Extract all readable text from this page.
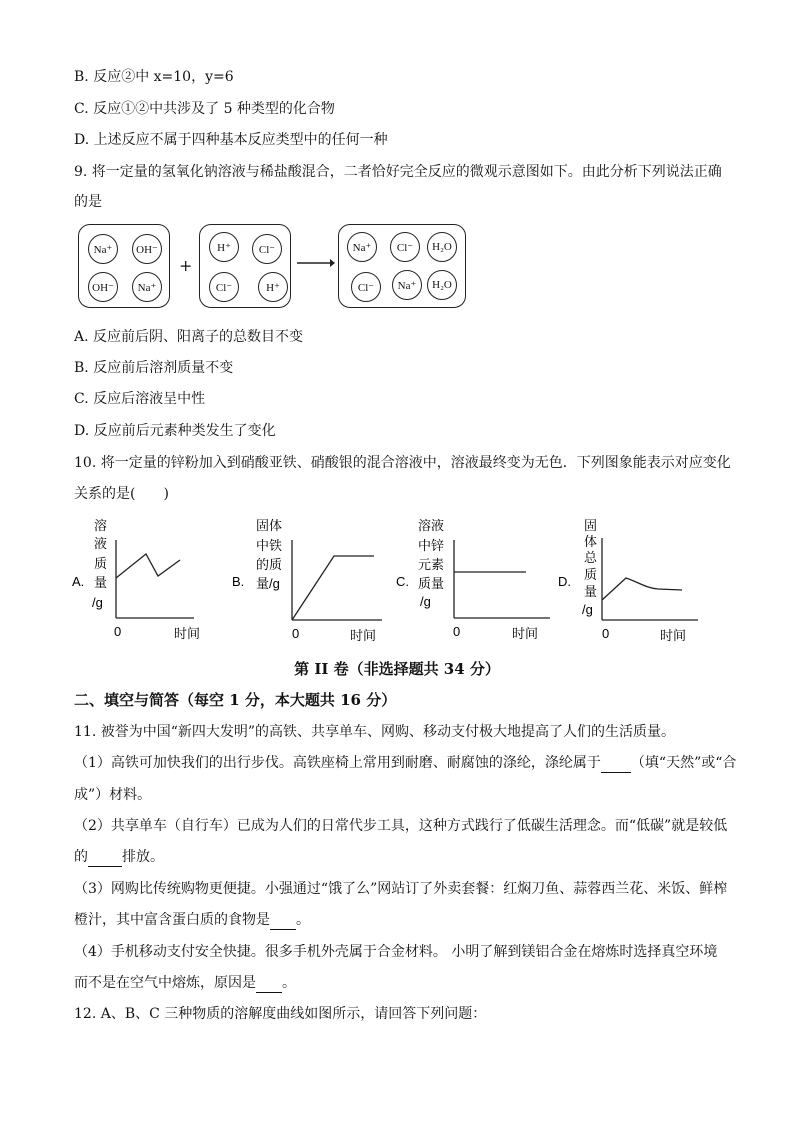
B. 反应②中 x=10，y=6
C. 反应①②中共涉及了 5 种类型的化合物
D. 上述反应不属于四种基本反应类型中的任何一种
9. 将一定量的氢氧化钠溶液与稀盐酸混合，二者恰好完全反应的微观示意图如下。由此分析下列说法正确
的是
Na⁺	OH⁻
OH⁻	Na⁺
+
H⁺	Cl⁻
Cl⁻	H⁺
Na⁺	Cl⁻	H₂O
Cl⁻	Na⁺	H₂O
A. 反应前后阴、阳离子的总数目不变
B. 反应前后溶剂质量不变
C. 反应后溶液呈中性
D. 反应前后元素种类发生了变化
10. 将一定量的锌粉加入到硝酸亚铁、硝酸银的混合溶液中，溶液最终变为无色．下列图象能表示对应变化
关系的是(　　)
A.
溶
液
质
量
/g
0	时间
B.
固体
中铁
的质
量/g
0	时间
C.
溶液
中锌
元素
质量
/g
0	时间
D.
固
体
总
质
量
/g
0	时间
第 II 卷（非选择题共 34 分）
二、填空与简答（每空 1 分，本大题共 16 分）
11. 被誉为中国“新四大发明”的高铁、共享单车、网购、移动支付极大地提高了人们的生活质量。
（1）高铁可加快我们的出行步伐。高铁座椅上常用到耐磨、耐腐蚀的涤纶，涤纶属于 （填“天然”或“合
成”）材料。
（2）共享单车（自行车）已成为人们的日常代步工具，这种方式践行了低碳生活理念。而“低碳”就是较低
的 排放。
（3）网购比传统购物更便捷。小强通过“饿了么”网站订了外卖套餐：红焖刀鱼、蒜蓉西兰花、米饭、鲜榨
橙汁，其中富含蛋白质的食物是 。
（4）手机移动支付安全快捷。很多手机外壳属于合金材料。 小明了解到镁铝合金在熔炼时选择真空环境
而不是在空气中熔炼，原因是 。
12. A、B、C 三种物质的溶解度曲线如图所示，请回答下列问题：
